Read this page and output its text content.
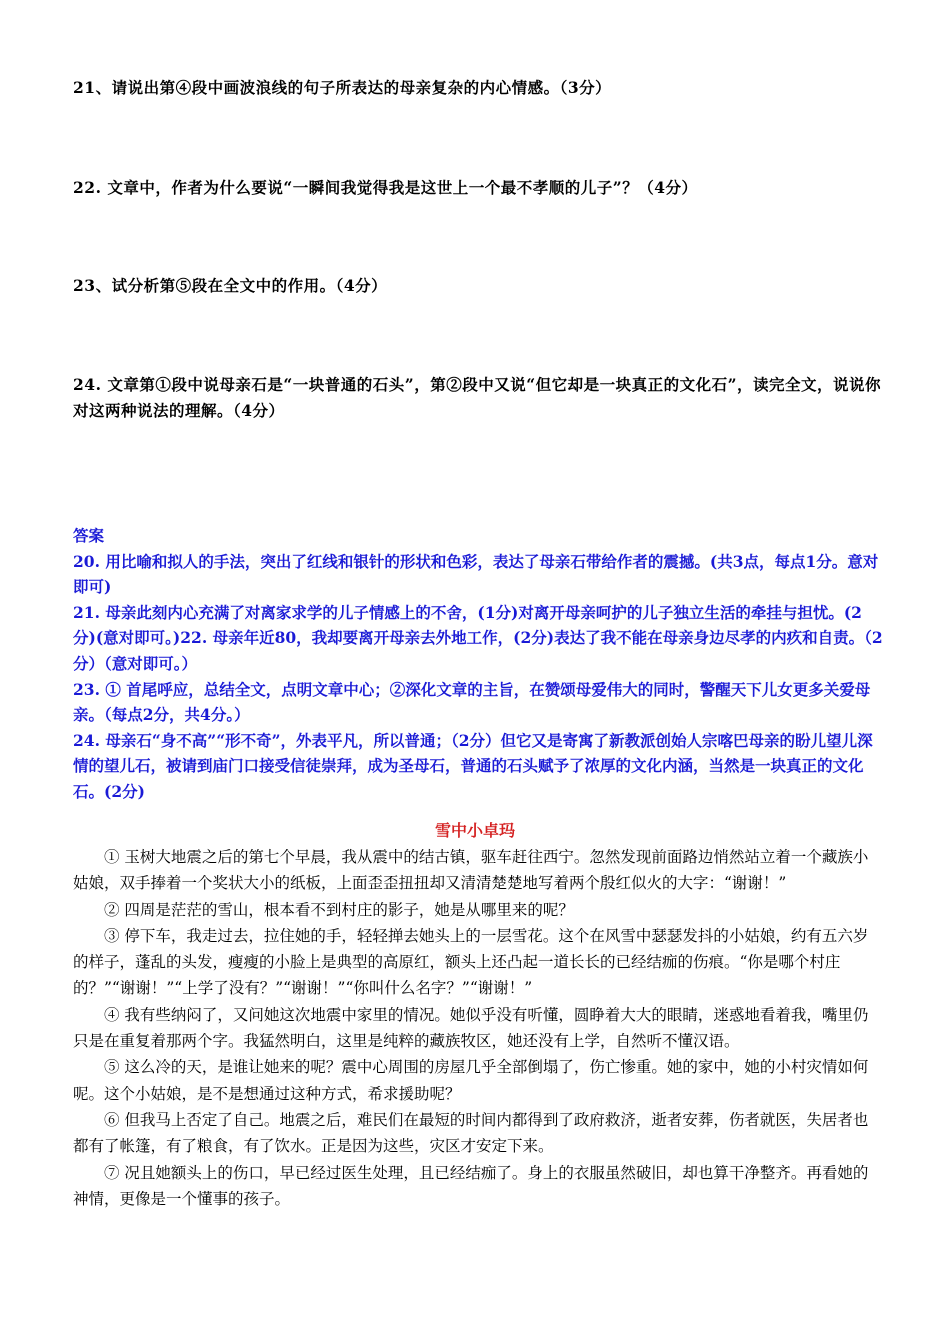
21、请说出第④段中画波浪线的句子所表达的母亲复杂的内心情感。（3分）
22. 文章中，作者为什么要说“一瞬间我觉得我是这世上一个最不孝顺的儿子”？（4分）
23、试分析第⑤段在全文中的作用。（4分）
24. 文章第①段中说母亲石是“一块普通的石头”，第②段中又说“但它却是一块真正的文化石”，读完全文，说说你对这两种说法的理解。（4分）

答案

20. 用比喻和拟人的手法，突出了红线和银针的形状和色彩，表达了母亲石带给作者的震撼。(共3点，每点1分。意对即可)

21. 母亲此刻内心充满了对离家求学的儿子情感上的不舍，(1分)对离开母亲呵护的儿子独立生活的牵挂与担忧。(2分)(意对即可。)22. 母亲年近80，我却要离开母亲去外地工作，(2分)表达了我不能在母亲身边尽孝的内疚和自责。（2分）（意对即可。）

23. ① 首尾呼应，总结全文，点明文章中心；②深化文章的主旨，在赞颂母爱伟大的同时，警醒天下儿女更多关爱母亲。（每点2分，共4分。）

24. 母亲石“身不高”“形不奇”，外表平凡，所以普通；（2分）但它又是寄寓了新教派创始人宗喀巴母亲的盼儿望儿深情的望儿石，被请到庙门口接受信徒崇拜，成为圣母石，普通的石头赋予了浓厚的文化内涵，当然是一块真正的文化石。(2分)

雪中小卓玛

① 玉树大地震之后的第七个早晨，我从震中的结古镇，驱车赶往西宁。忽然发现前面路边悄然站立着一个藏族小姑娘，双手捧着一个奖状大小的纸板，上面歪歪扭扭却又清清楚楚地写着两个殷红似火的大字：“谢谢！”

② 四周是茫茫的雪山，根本看不到村庄的影子，她是从哪里来的呢？

③ 停下车，我走过去，拉住她的手，轻轻掸去她头上的一层雪花。这个在风雪中瑟瑟发抖的小姑娘，约有五六岁的样子，蓬乱的头发，瘦瘦的小脸上是典型的高原红，额头上还凸起一道长长的已经结痂的伤痕。“你是哪个村庄的？”“谢谢！”“上学了没有？”“谢谢！”“你叫什么名字？”“谢谢！”

④ 我有些纳闷了，又问她这次地震中家里的情况。她似乎没有听懂，圆睁着大大的眼睛，迷惑地看着我，嘴里仍只是在重复着那两个字。我猛然明白，这里是纯粹的藏族牧区，她还没有上学，自然听不懂汉语。

⑤ 这么冷的天，是谁让她来的呢？震中心周围的房屋几乎全部倒塌了，伤亡惨重。她的家中，她的小村灾情如何呢。这个小姑娘，是不是想通过这种方式，希求援助呢？

⑥ 但我马上否定了自己。地震之后，难民们在最短的时间内都得到了政府救济，逝者安葬，伤者就医，失居者也都有了帐篷，有了粮食，有了饮水。正是因为这些，灾区才安定下来。

⑦ 况且她额头上的伤口，早已经过医生处理，且已经结痂了。身上的衣服虽然破旧，却也算干净整齐。再看她的神情，更像是一个懂事的孩子。
